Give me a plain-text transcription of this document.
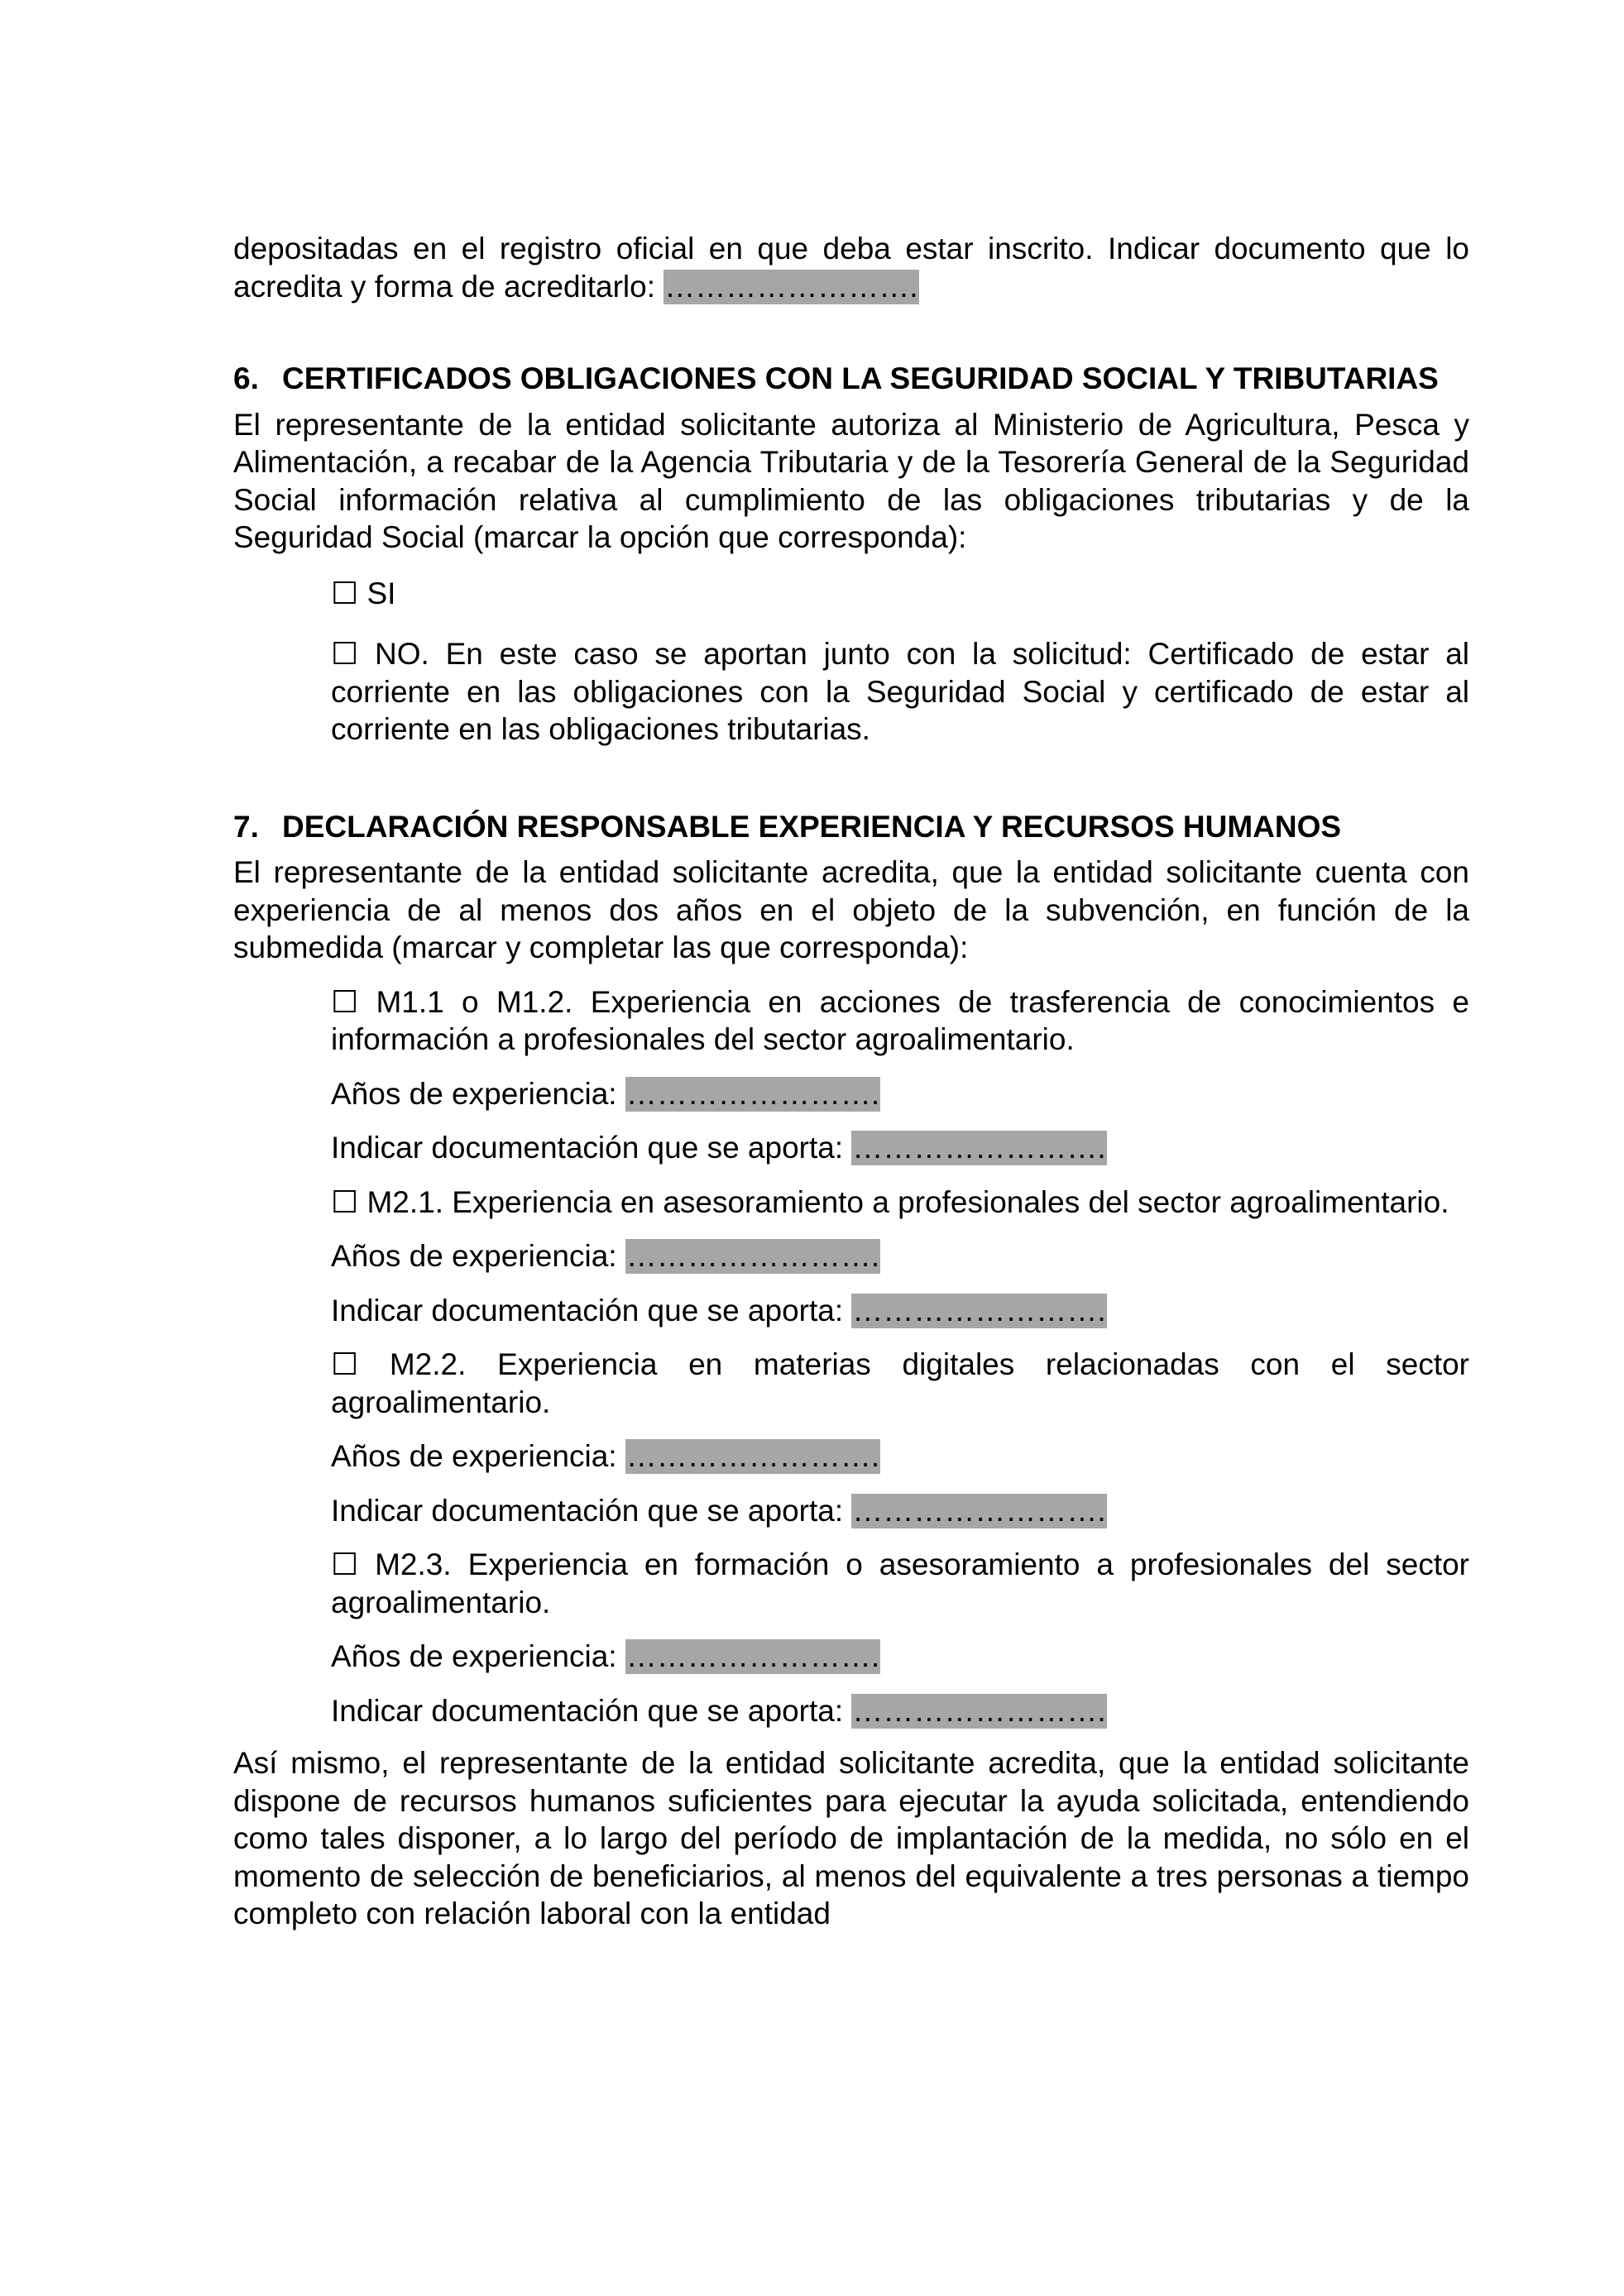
depositadas en el registro oficial en que deba estar inscrito. Indicar documento que lo acredita y forma de acreditarlo: …………………….

6. CERTIFICADOS OBLIGACIONES CON LA SEGURIDAD SOCIAL Y TRIBUTARIAS

El representante de la entidad solicitante autoriza al Ministerio de Agricultura, Pesca y Alimentación, a recabar de la Agencia Tributaria y de la Tesorería General de la Seguridad Social información relativa al cumplimiento de las obligaciones tributarias y de la Seguridad Social (marcar la opción que corresponda):

☐ SI

☐ NO. En este caso se aportan junto con la solicitud: Certificado de estar al corriente en las obligaciones con la Seguridad Social y certificado de estar al corriente en las obligaciones tributarias.

7. DECLARACIÓN RESPONSABLE EXPERIENCIA Y RECURSOS HUMANOS

El representante de la entidad solicitante acredita, que la entidad solicitante cuenta con experiencia de al menos dos años en el objeto de la subvención, en función de la submedida (marcar y completar las que corresponda):

☐ M1.1 o M1.2. Experiencia en acciones de trasferencia de conocimientos e información a profesionales del sector agroalimentario.

Años de experiencia: …………………….
Indicar documentación que se aporta: …………………….

☐ M2.1. Experiencia en asesoramiento a profesionales del sector agroalimentario.

Años de experiencia: …………………….
Indicar documentación que se aporta: …………………….

☐ M2.2. Experiencia en materias digitales relacionadas con el sector agroalimentario.

Años de experiencia: …………………….
Indicar documentación que se aporta: …………………….

☐ M2.3. Experiencia en formación o asesoramiento a profesionales del sector agroalimentario.

Años de experiencia: …………………….
Indicar documentación que se aporta: …………………….

Así mismo, el representante de la entidad solicitante acredita, que la entidad solicitante dispone de recursos humanos suficientes para ejecutar la ayuda solicitada, entendiendo como tales disponer, a lo largo del período de implantación de la medida, no sólo en el momento de selección de beneficiarios, al menos del equivalente a tres personas a tiempo completo con relación laboral con la entidad
